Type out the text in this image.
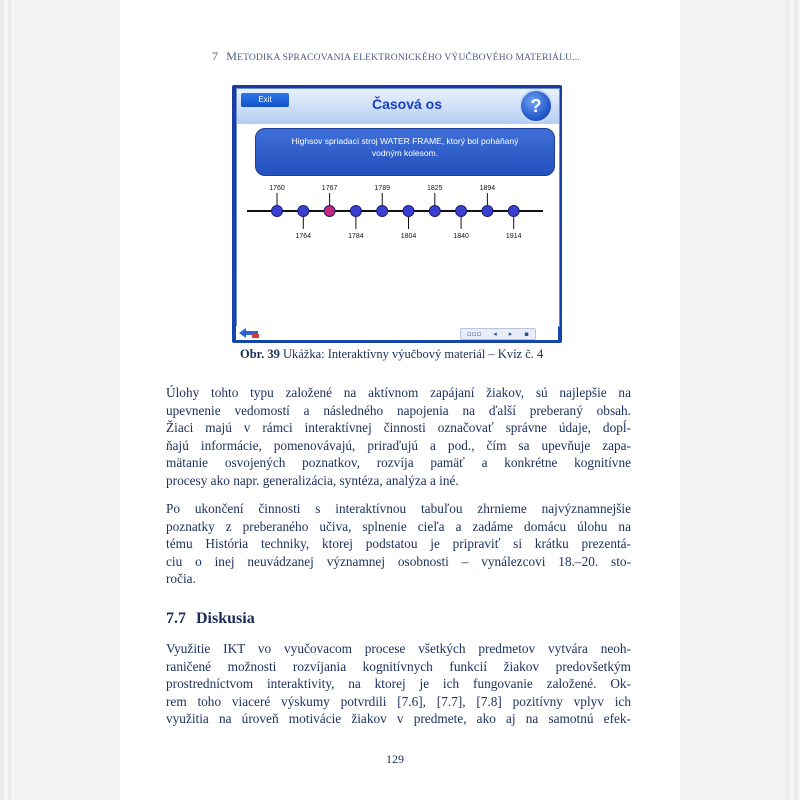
7 METODIKA SPRACOVANIA ELEKTRONICKÉHO VÝUČBOVÉHO MATERIÁLU...
Exit	Časová os	?
Highsov spriadací stroj WATER FRAME, ktorý bol poháňaný vodným kolesom.
1760
1764
1767
1784
1789
1804
1825
1840
1894
1914
▫▫▫ ◂ ▸ ▪
Obr. 39 Ukážka: Interaktívny výučbový materiál – Kvíz č. 4
Úlohy tohto typu založené na aktívnom zapájaní žiakov, sú najlepšie na
upevnenie vedomostí a následného napojenia na ďalší preberaný obsah.
Žiaci majú v rámci interaktívnej činnosti označovať správne údaje, dopĺ-
ňajú informácie, pomenovávajú, priraďujú a pod., čím sa upevňuje zapa-
mätanie osvojených poznatkov, rozvíja pamäť a konkrétne kognitívne
procesy ako napr. generalizácia, syntéza, analýza a iné.
Po ukončení činnosti s interaktívnou tabuľou zhrnieme najvýznamnejšie
poznatky z preberaného učiva, splnenie cieľa a zadáme domácu úlohu na
tému História techniky, ktorej podstatou je pripraviť si krátku prezentá-
ciu o inej neuvádzanej významnej osobnosti – vynálezcovi 18.–20. sto-
ročia.
7.7 Diskusia
Využitie IKT vo vyučovacom procese všetkých predmetov vytvára neoh-
raničené možnosti rozvíjania kognitívnych funkcií žiakov predovšetkým
prostredníctvom interaktivity, na ktorej je ich fungovanie založené. Ok-
rem toho viaceré výskumy potvrdili [7.6], [7.7], [7.8] pozitívny vplyv ich
využitia na úroveň motivácie žiakov v predmete, ako aj na samotnú efek-
129
